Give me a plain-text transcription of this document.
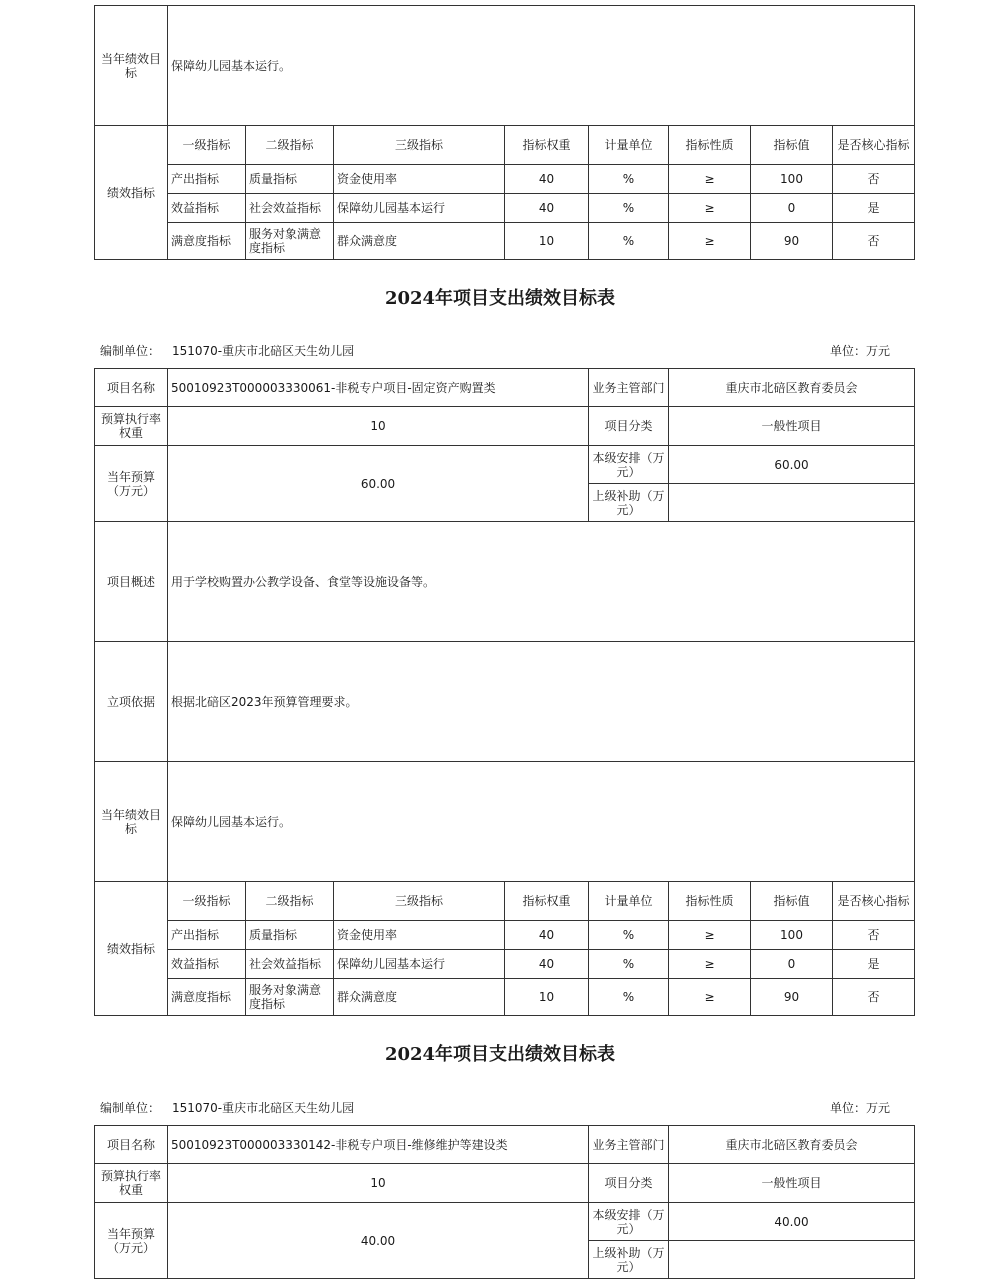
当年绩效目标	保障幼儿园基本运行。							
绩效指标	一级指标	二级指标	三级指标	指标权重	计量单位	指标性质	指标值	是否核心指标
	产出指标	质量指标	资金使用率	40	%	≥	100	否
	效益指标	社会效益指标	保障幼儿园基本运行	40	%	≥	0	是
	满意度指标	服务对象满意度指标	群众满意度	10	%	≥	90	否
2024年项目支出绩效目标表
编制单位： 151070-重庆市北碚区天生幼儿园	单位：万元
项目名称	50010923T000003330061-非税专户项目-固定资产购置类				业务主管部门	重庆市北碚区教育委员会		
预算执行率权重	10				项目分类	一般性项目		
当年预算（万元）	60.00				本级安排（万元）	60.00		
					上级补助（万元）			
项目概述	用于学校购置办公教学设备、食堂等设施设备等。							
立项依据	根据北碚区2023年预算管理要求。							
当年绩效目标	保障幼儿园基本运行。							
绩效指标	一级指标	二级指标	三级指标	指标权重	计量单位	指标性质	指标值	是否核心指标
	产出指标	质量指标	资金使用率	40	%	≥	100	否
	效益指标	社会效益指标	保障幼儿园基本运行	40	%	≥	0	是
	满意度指标	服务对象满意度指标	群众满意度	10	%	≥	90	否
2024年项目支出绩效目标表
编制单位： 151070-重庆市北碚区天生幼儿园	单位：万元
项目名称	50010923T000003330142-非税专户项目-维修维护等建设类	业务主管部门	重庆市北碚区教育委员会
预算执行率权重	10	项目分类	一般性项目
当年预算（万元）	40.00	本级安排（万元）	40.00
		上级补助（万元）	
